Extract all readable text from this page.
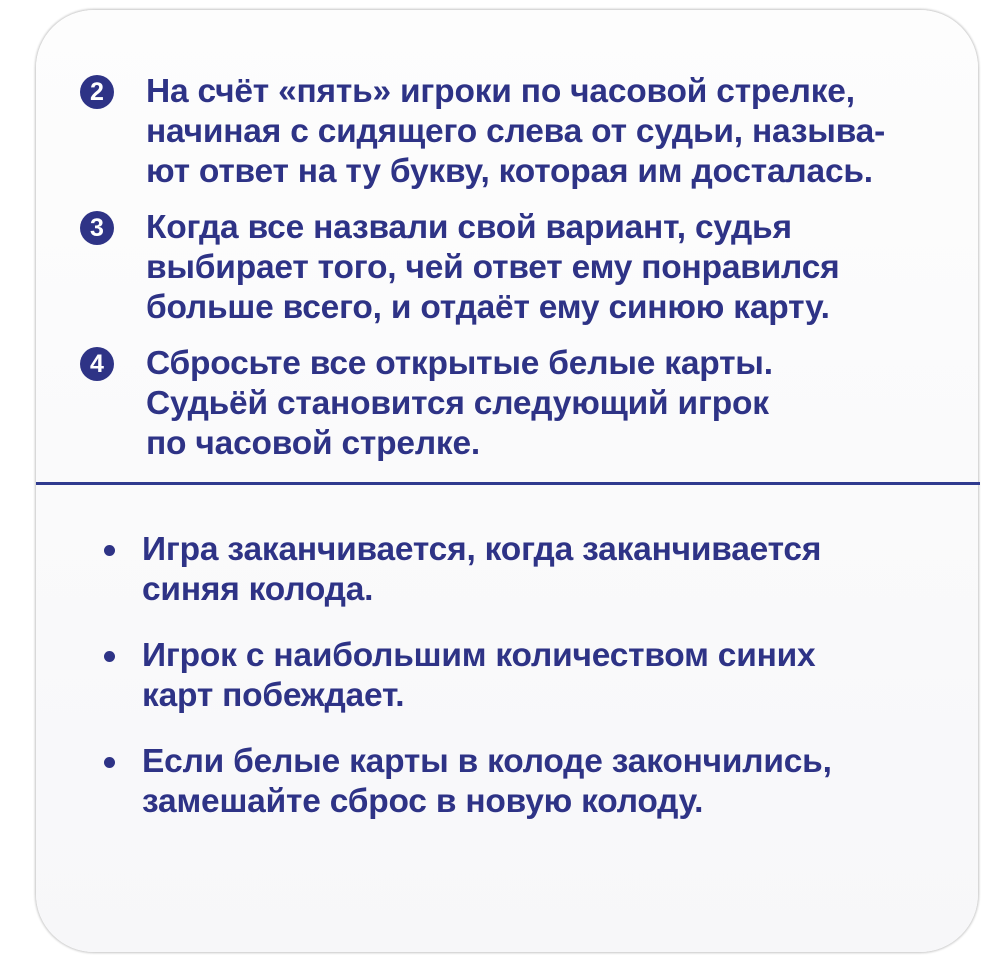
2 На счёт «пять» игроки по часовой стрелке,
начиная с сидящего слева от судьи, называ-
ют ответ на ту букву, которая им досталась.
3 Когда все назвали свой вариант, судья
выбирает того, чей ответ ему понравился
больше всего, и отдаёт ему синюю карту.
4 Сбросьте все открытые белые карты.
Судьёй становится следующий игрок
по часовой стрелке.
Игра заканчивается, когда заканчивается
синяя колода.
Игрок с наибольшим количеством синих
карт побеждает.
Если белые карты в колоде закончились,
замешайте сброс в новую колоду.
